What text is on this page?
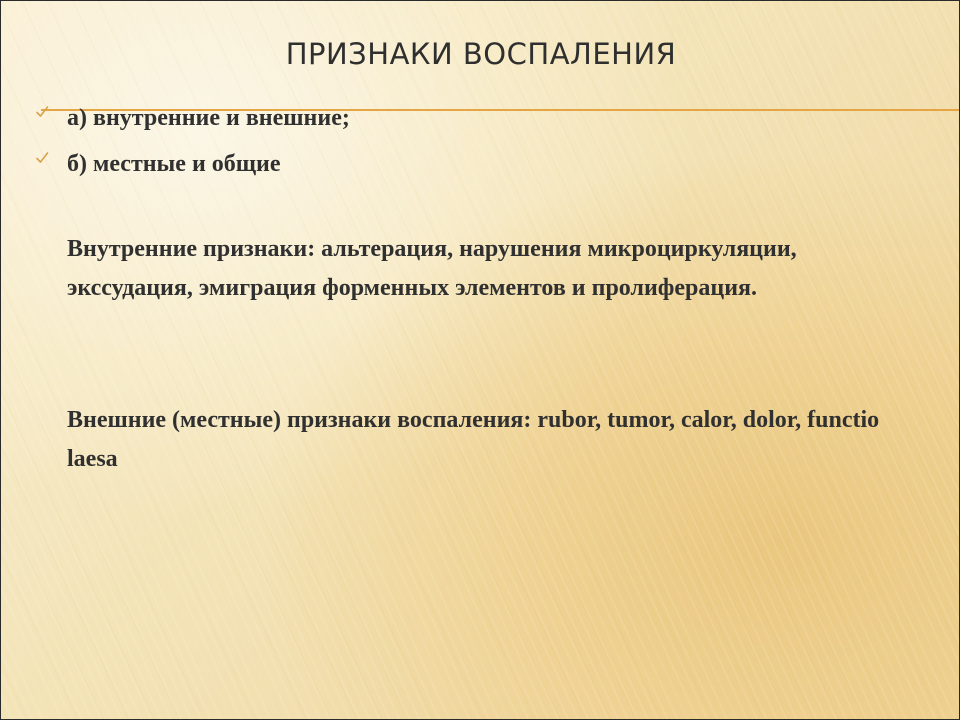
ПРИЗНАКИ ВОСПАЛЕНИЯ
а) внутренние и внешние;
б) местные и общие
Внутренние признаки: альтерация, нарушения микроциркуляции, экссудация, эмиграция форменных элементов и пролиферация.
Внешние (местные) признаки воспаления: rubor, tumor, calor, dolor, functio laesa
